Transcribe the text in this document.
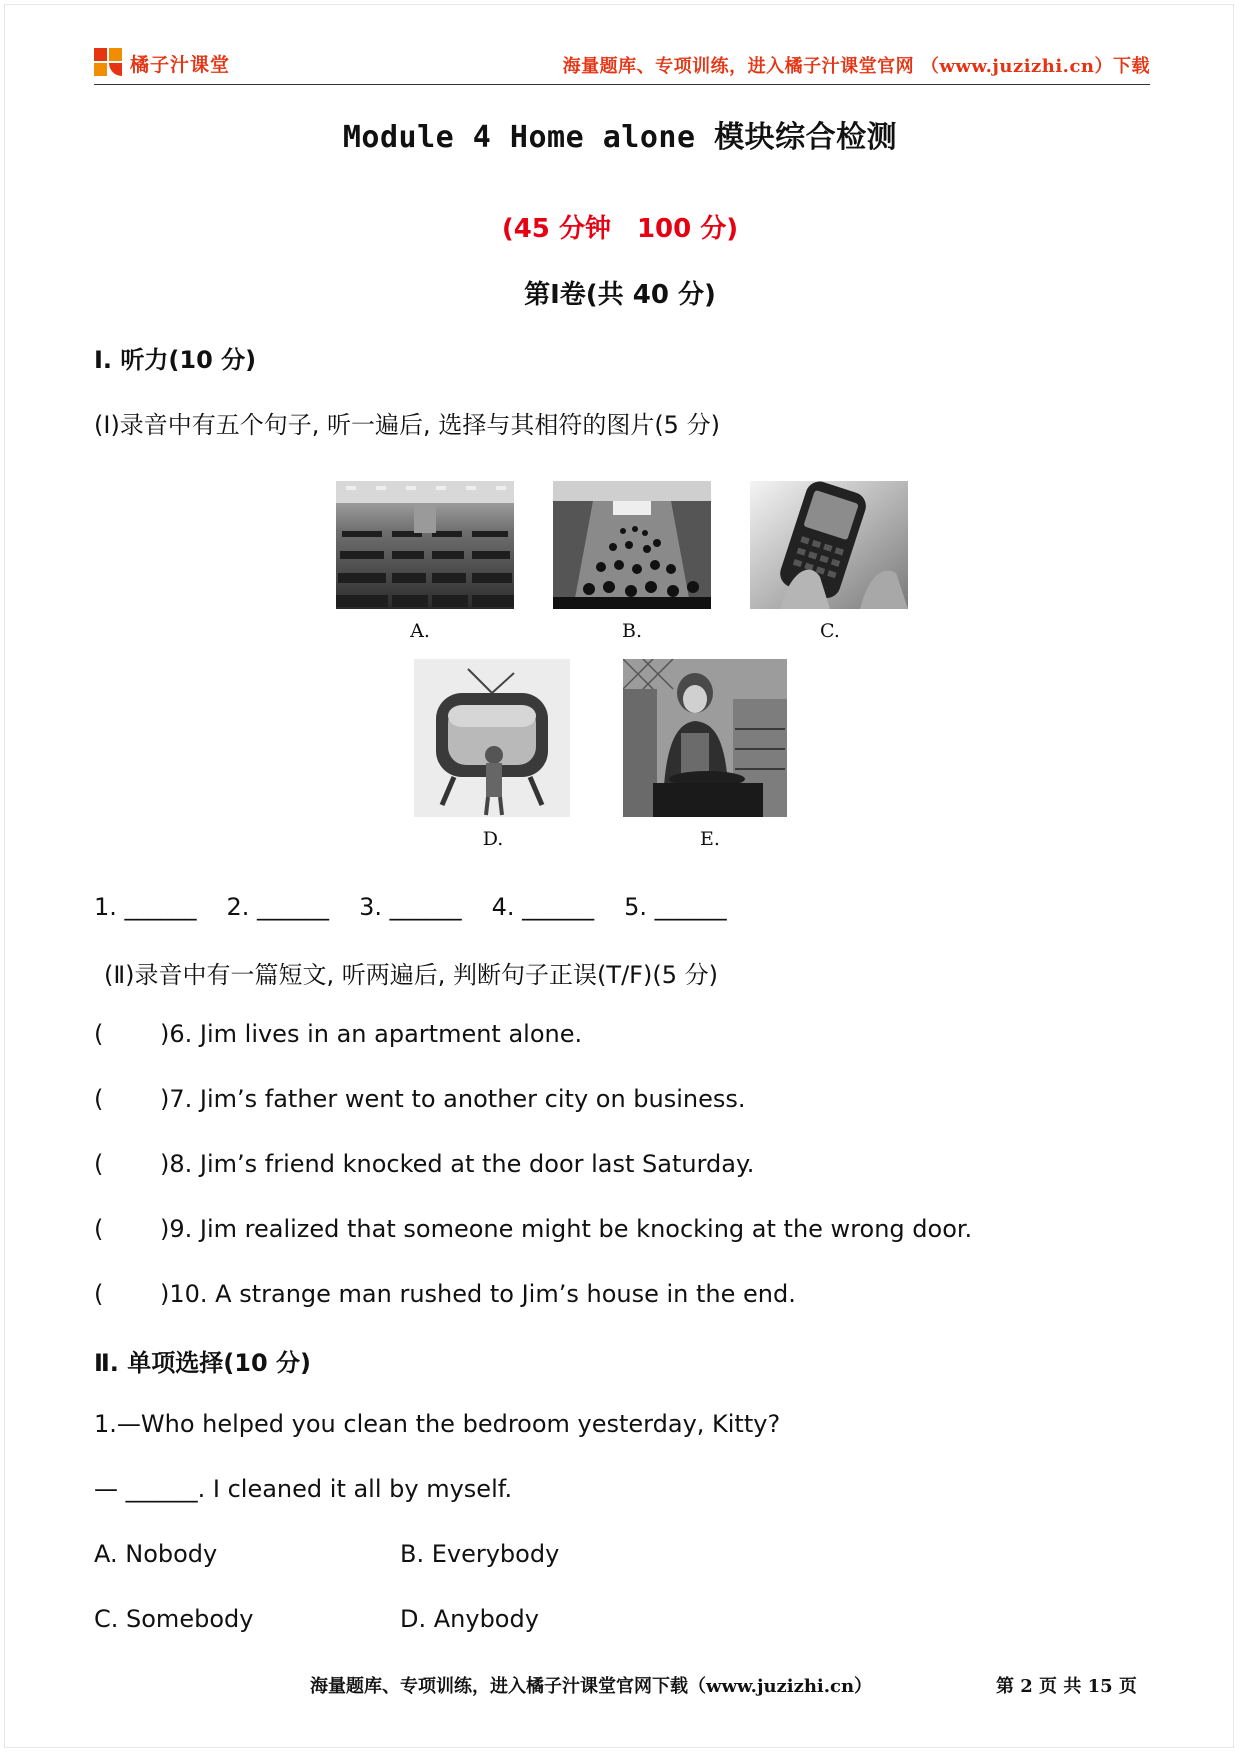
橘子汁课堂	海量题库、专项训练，进入橘子汁课堂官网 （www.juzizhi.cn）下载
Module 4 Home alone 模块综合检测
(45 分钟　100 分)
第Ⅰ卷(共 40 分)
Ⅰ. 听力(10 分)
(Ⅰ)录音中有五个句子, 听一遍后, 选择与其相符的图片(5 分)
A.	B.	C.
D.	E.
1. ______ 2. ______ 3. ______ 4. ______ 5. ______
(Ⅱ)录音中有一篇短文, 听两遍后, 判断句子正误(T/F)(5 分)
( )6. Jim lives in an apartment alone.
( )7. Jim’s father went to another city on business.
( )8. Jim’s friend knocked at the door last Saturday.
( )9. Jim realized that someone might be knocking at the wrong door.
( )10. A strange man rushed to Jim’s house in the end.
Ⅱ. 单项选择(10 分)
1.—Who helped you clean the bedroom yesterday, Kitty?
— ______. I cleaned it all by myself.
A. Nobody	B. Everybody
C. Somebody	D. Anybody
海量题库、专项训练，进入橘子汁课堂官网下载（www.juzizhi.cn）	第 2 页 共 15 页
